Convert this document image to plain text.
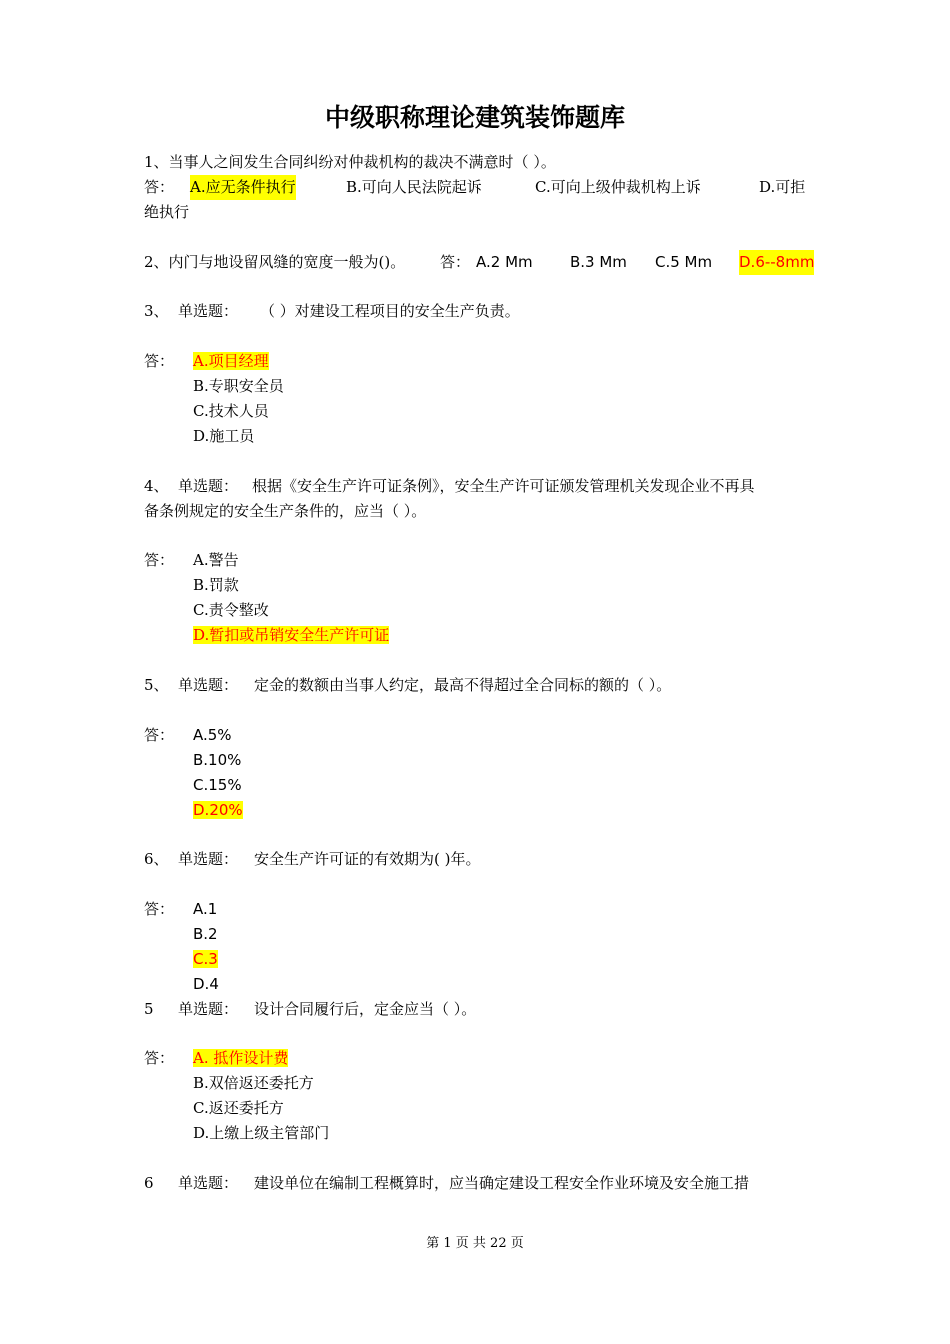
中级职称理论建筑装饰题库
1、当事人之间发生合同纠纷对仲裁机构的裁决不满意时（ ）。
答： A.应无条件执行	B.可向人民法院起诉	C.可向上级仲裁机构上诉	D.可拒
绝执行
2、内门与地设留风缝的宽度一般为()。 答： A.2 Mm B.3 Mm C.5 Mm D.6--8mm
3、 单选题： （ ）对建设工程项目的安全生产负责。
答： A.项目经理
B.专职安全员
C.技术人员
D.施工员
4、 单选题： 根据《安全生产许可证条例》，安全生产许可证颁发管理机关发现企业不再具
备条例规定的安全生产条件的，应当（ ）。
答： A.警告
B.罚款
C.责令整改
D.暂扣或吊销安全生产许可证
5、 单选题： 定金的数额由当事人约定，最高不得超过全合同标的额的（ ）。
答： A.5%
B.10%
C.15%
D.20%
6、 单选题： 安全生产许可证的有效期为( )年。
答： A.1
B.2
C.3
D.4
5 单选题： 设计合同履行后，定金应当（ ）。
答： A. 抵作设计费
B.双倍返还委托方
C.返还委托方
D.上缴上级主管部门
6 单选题： 建设单位在编制工程概算时，应当确定建设工程安全作业环境及安全施工措
第 1 页 共 22 页
